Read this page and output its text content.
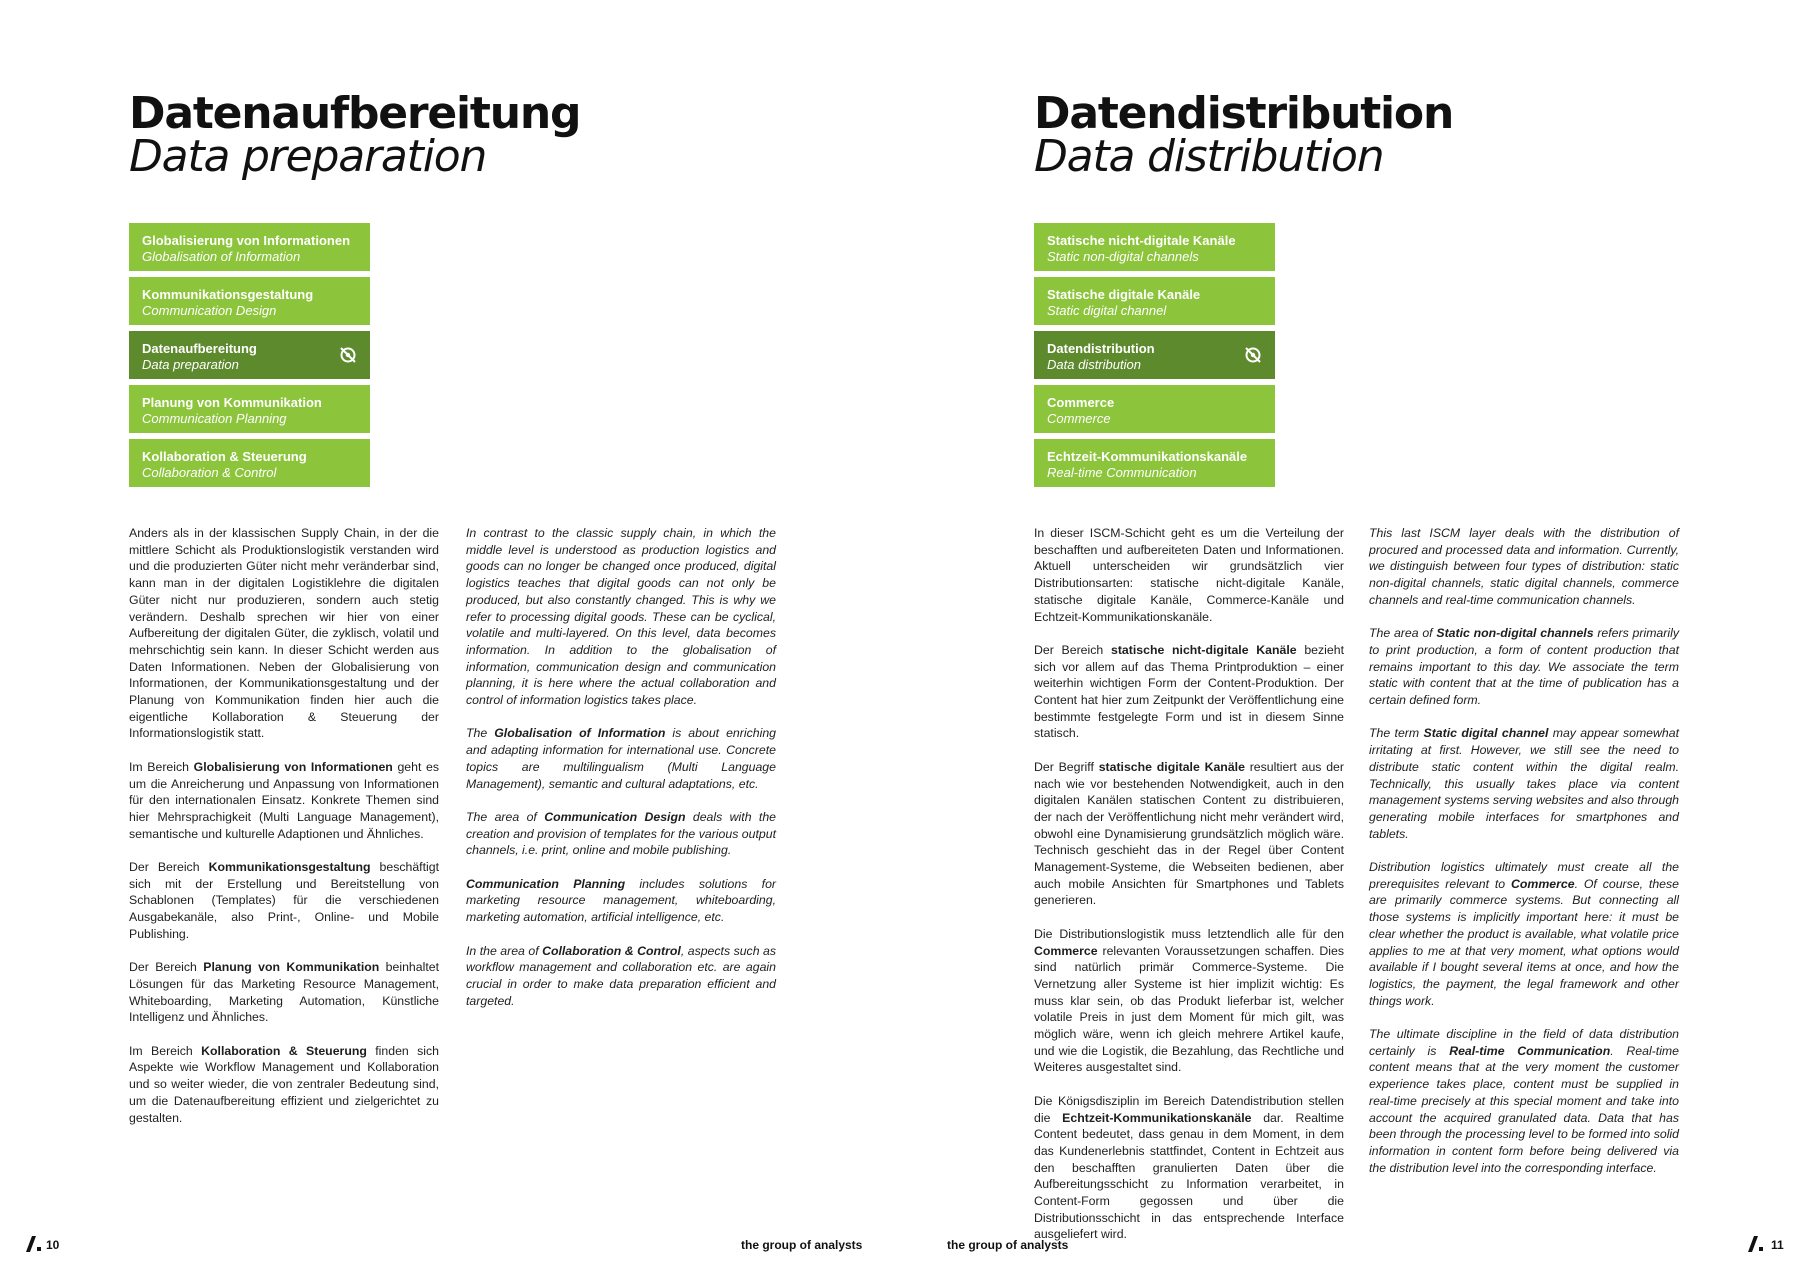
Datenaufbereitung
Data preparation
Globalisierung von Informationen
Globalisation of Information
Kommunikationsgestaltung
Communication Design
Datenaufbereitung
Data preparation
Planung von Kommunikation
Communication Planning
Kollaboration & Steuerung
Collaboration & Control

Anders als in der klassischen Supply Chain, in der die mittlere Schicht als Produktionslogistik verstanden wird und die produzierten Güter nicht mehr veränderbar sind, kann man in der digitalen Logistiklehre die digitalen Güter nicht nur produzieren, sondern auch stetig verändern. Deshalb sprechen wir hier von einer Aufbereitung der digitalen Güter, die zyklisch, volatil und mehrschichtig sein kann. In dieser Schicht werden aus Daten Informationen. Neben der Globalisierung von Informationen, der Kommunikationsgestaltung und der Planung von Kommunikation finden hier auch die eigentliche Kollaboration & Steuerung der Informationslogistik statt.

Im Bereich Globalisierung von Informationen geht es um die Anreicherung und Anpassung von Informationen für den internationalen Einsatz. Konkrete Themen sind hier Mehrsprachigkeit (Multi Language Management), semantische und kulturelle Adaptionen und Ähnliches.

Der Bereich Kommunikationsgestaltung beschäftigt sich mit der Erstellung und Bereitstellung von Schablonen (Templates) für die verschiedenen Ausgabekanäle, also Print-, Online- und Mobile Publishing.

Der Bereich Planung von Kommunikation beinhaltet Lösungen für das Marketing Resource Management, Whiteboarding, Marketing Automation, Künstliche Intelligenz und Ähnliches.

Im Bereich Kollaboration & Steuerung finden sich Aspekte wie Workflow Management und Kollaboration und so weiter wieder, die von zentraler Bedeutung sind, um die Datenaufbereitung effizient und zielgerichtet zu gestalten.

In contrast to the classic supply chain, in which the middle level is understood as production logistics and goods can no longer be changed once produced, digital logistics teaches that digital goods can not only be produced, but also constantly changed. This is why we refer to processing digital goods. These can be cyclical, volatile and multi-layered. On this level, data becomes information. In addition to the globalisation of information, communication design and communication planning, it is here where the actual collaboration and control of information logistics takes place.

The Globalisation of Information is about enriching and adapting information for international use. Concrete topics are multilingualism (Multi Language Management), semantic and cultural adaptations, etc.

The area of Communication Design deals with the creation and provision of templates for the various output channels, i.e. print, online and mobile publishing.

Communication Planning includes solutions for marketing resource management, whiteboarding, marketing automation, artificial intelligence, etc.

In the area of Collaboration & Control, aspects such as workflow management and collaboration etc. are again crucial in order to make data preparation efficient and targeted.

10	the group of analysts
Datendistribution
Data distribution
Statische nicht-digitale Kanäle
Static non-digital channels
Statische digitale Kanäle
Static digital channel
Datendistribution
Data distribution
Commerce
Commerce
Echtzeit-Kommunikationskanäle
Real-time Communication

In dieser ISCM-Schicht geht es um die Verteilung der beschafften und aufbereiteten Daten und Informationen. Aktuell unterscheiden wir grundsätzlich vier Distributionsarten: statische nicht-digitale Kanäle, statische digitale Kanäle, Commerce-Kanäle und Echtzeit-Kommunikationskanäle.

Der Bereich statische nicht-digitale Kanäle bezieht sich vor allem auf das Thema Printproduktion – einer weiterhin wichtigen Form der Content-Produktion. Der Content hat hier zum Zeitpunkt der Veröffentlichung eine bestimmte festgelegte Form und ist in diesem Sinne statisch.

Der Begriff statische digitale Kanäle resultiert aus der nach wie vor bestehenden Notwendigkeit, auch in den digitalen Kanälen statischen Content zu distribuieren, der nach der Veröffentlichung nicht mehr verändert wird, obwohl eine Dynamisierung grundsätzlich möglich wäre. Technisch geschieht das in der Regel über Content Management-Systeme, die Webseiten bedienen, aber auch mobile Ansichten für Smartphones und Tablets generieren.

Die Distributionslogistik muss letztendlich alle für den Commerce relevanten Voraussetzungen schaffen. Dies sind natürlich primär Commerce-Systeme. Die Vernetzung aller Systeme ist hier implizit wichtig: Es muss klar sein, ob das Produkt lieferbar ist, welcher volatile Preis in just dem Moment für mich gilt, was möglich wäre, wenn ich gleich mehrere Artikel kaufe, und wie die Logistik, die Bezahlung, das Rechtliche und Weiteres ausgestaltet sind.

Die Königsdisziplin im Bereich Datendistribution stellen die Echtzeit-Kommunikationskanäle dar. Realtime Content bedeutet, dass genau in dem Moment, in dem das Kundenerlebnis stattfindet, Content in Echtzeit aus den beschafften granulierten Daten über die Aufbereitungsschicht zu Information verarbeitet, in Content-Form gegossen und über die Distributionsschicht in das entsprechende Interface ausgeliefert wird.

This last ISCM layer deals with the distribution of procured and processed data and information. Currently, we distinguish between four types of distribution: static non-digital channels, static digital channels, commerce channels and real-time communication channels.

The area of Static non-digital channels refers primarily to print production, a form of content production that remains important to this day. We associate the term static with content that at the time of publication has a certain defined form.

The term Static digital channel may appear somewhat irritating at first. However, we still see the need to distribute static content within the digital realm. Technically, this usually takes place via content management systems serving websites and also through generating mobile interfaces for smartphones and tablets.

Distribution logistics ultimately must create all the prerequisites relevant to Commerce. Of course, these are primarily commerce systems. But connecting all those systems is implicitly important here: it must be clear whether the product is available, what volatile price applies to me at that very moment, what options would available if I bought several items at once, and how the logistics, the payment, the legal framework and other things work.

The ultimate discipline in the field of data distribution certainly is Real-time Communication. Real-time content means that at the very moment the customer experience takes place, content must be supplied in real-time precisely at this special moment and take into account the acquired granulated data. Data that has been through the processing level to be formed into solid information in content form before being delivered via the distribution level into the corresponding interface.

the group of analysts	11
